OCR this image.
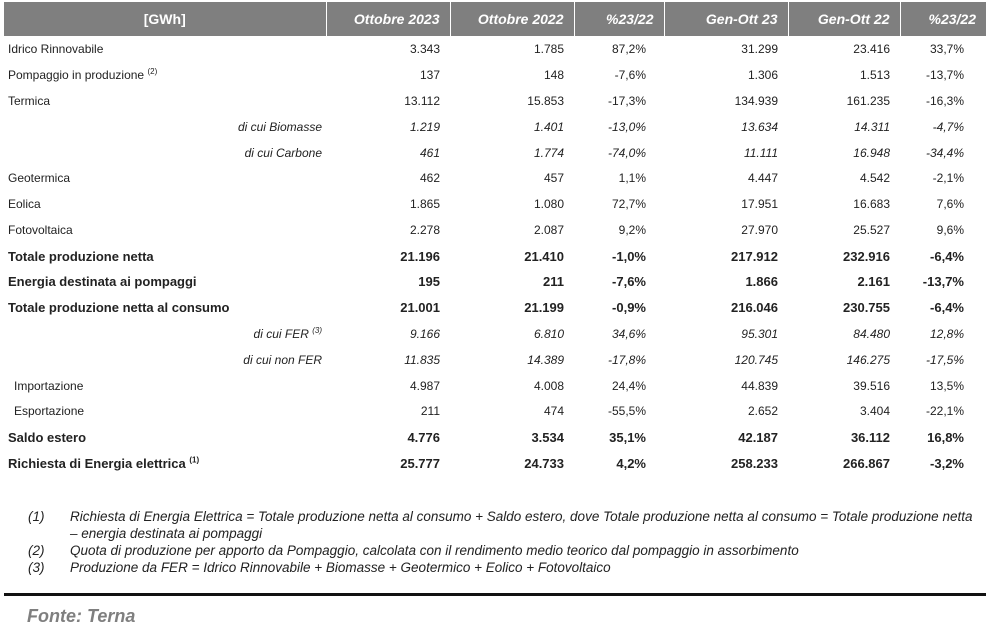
[GWh]	Ottobre 2023	Ottobre 2022	%23/22	Gen-Ott 23	Gen-Ott 22	%23/22
Idrico Rinnovabile	3.343	1.785	87,2%	31.299	23.416	33,7%
Pompaggio in produzione $^{(2)}$	137	148	-7,6%	1.306	1.513	-13,7%
Termica	13.112	15.853	-17,3%	134.939	161.235	-16,3%
di cui Biomasse	1.219	1.401	-13,0%	13.634	14.311	-4,7%
di cui Carbone	461	1.774	-74,0%	11.111	16.948	-34,4%
Geotermica	462	457	1,1%	4.447	4.542	-2,1%
Eolica	1.865	1.080	72,7%	17.951	16.683	7,6%
Fotovoltaica	2.278	2.087	9,2%	27.970	25.527	9,6%
Totale produzione netta	21.196	21.410	-1,0%	217.912	232.916	-6,4%
Energia destinata ai pompaggi	195	211	-7,6%	1.866	2.161	-13,7%
Totale produzione netta al consumo	21.001	21.199	-0,9%	216.046	230.755	-6,4%
di cui FER $^{(3)}$	9.166	6.810	34,6%	95.301	84.480	12,8%
di cui non FER	11.835	14.389	-17,8%	120.745	146.275	-17,5%
Importazione	4.987	4.008	24,4%	44.839	39.516	13,5%
Esportazione	211	474	-55,5%	2.652	3.404	-22,1%
Saldo estero	4.776	3.534	35,1%	42.187	36.112	16,8%
Richiesta di Energia elettrica $^{(1)}$	25.777	24.733	4,2%	258.233	266.867	-3,2%
(1)	Richiesta di Energia Elettrica = Totale produzione netta al consumo + Saldo estero, dove Totale produzione netta al consumo = Totale produzione netta – energia destinata ai pompaggi
(2)	Quota di produzione per apporto da Pompaggio, calcolata con il rendimento medio teorico dal pompaggio in assorbimento
(3)	Produzione da FER = Idrico Rinnovabile + Biomasse + Geotermico + Eolico + Fotovoltaico
Fonte: Terna
